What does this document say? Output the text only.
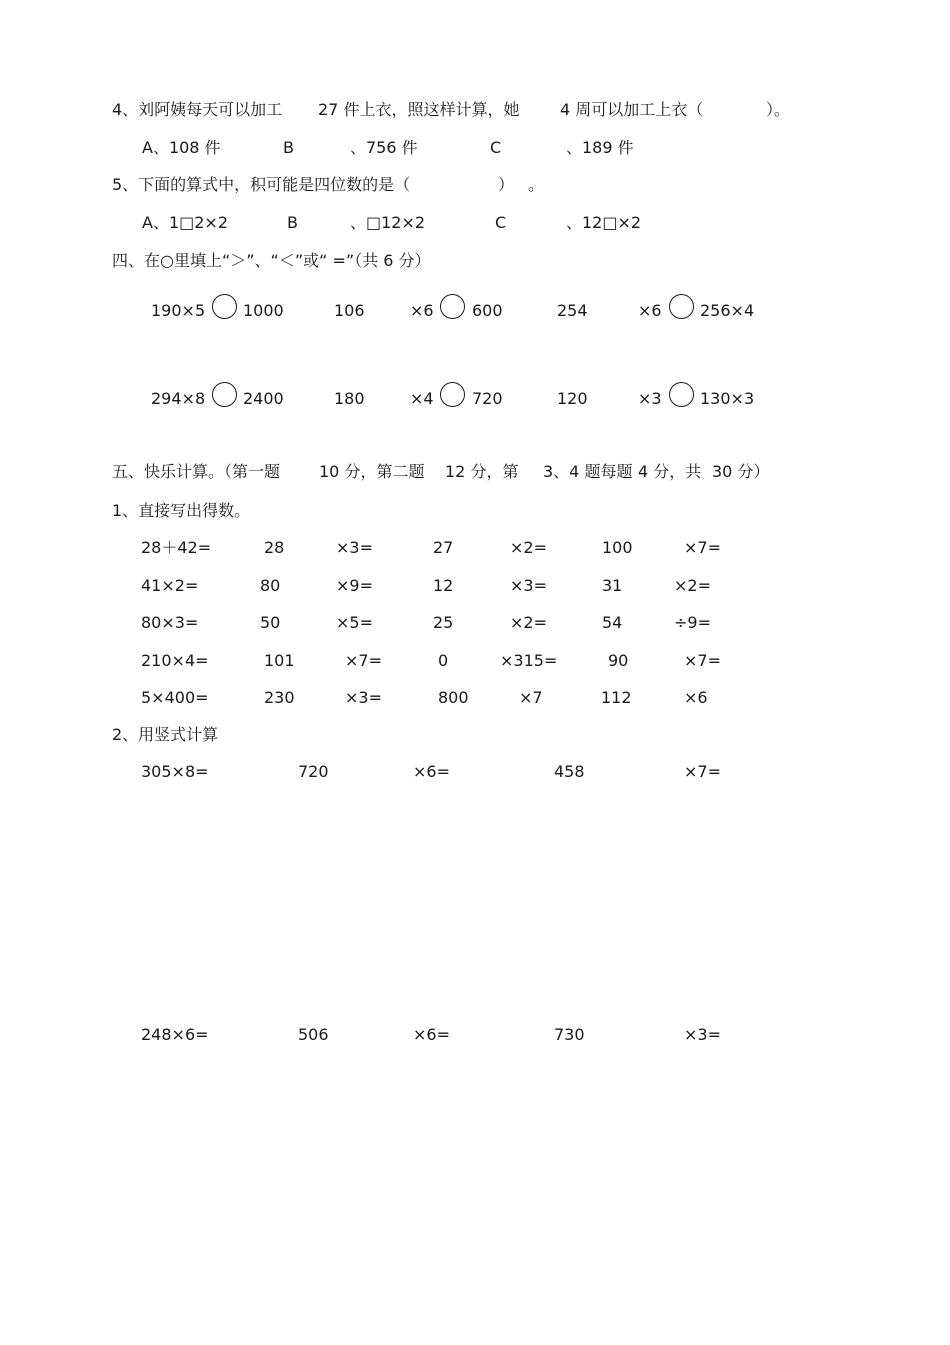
4、刘阿姨每天可以加工 27 件上衣，照这样计算，她	4 周可以加工上衣（	）。
A、108 件	B	、756 件	C	、189 件
5、下面的算式中，积可能是四位数的是（	） 。
A、1□2×2	B	、□12×2	C	、12□×2
四、在○里填上“＞”、“＜”或“ =”（共 6 分）
190×5 1000	106	×6 600	254	×6 256×4
294×8 2400	180	×4 720	120	×3 130×3
五、快乐计算。（第一题 10 分，第二题 12 分，第 3、4 题每题 4 分，共 30 分）
1、直接写出得数。
28＋42=	28	×3=	27	×2=	100	×7=
41×2=	80	×9=	12	×3=	31	×2=
80×3=	50	×5=	25	×2=	54	÷9=
210×4=	101	×7=	0	×315=	90	×7=
5×400=	230	×3=	800	×7	112	×6
2、用竖式计算
305×8=	720	×6=	458	×7=
248×6=	506	×6=	730	×3=
